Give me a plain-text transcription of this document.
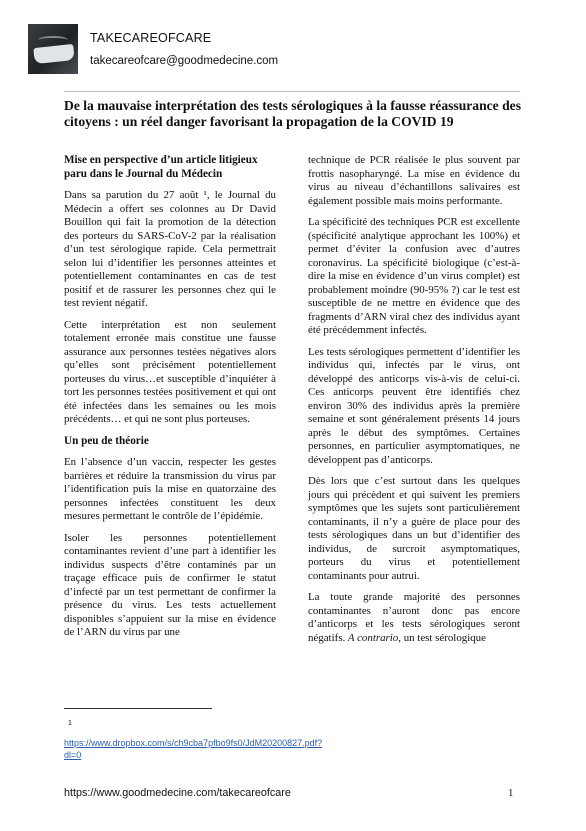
TAKECAREOFCARE
takecareofcare@goodmedecine.com
De la mauvaise interprétation des tests sérologiques à la fausse réassurance des citoyens : un réel danger favorisant la propagation de la COVID 19
Mise en perspective d’un article litigieux paru dans le Journal du Médecin

Dans sa parution du 27 août ¹, le Journal du Médecin a offert ses colonnes au Dr David Bouillon qui fait la promotion de la détection des porteurs du SARS-CoV-2 par la réalisation d’un test sérologique rapide. Cela permettrait selon lui d’identifier les personnes atteintes et potentiellement contaminantes en cas de test positif et de rassurer les personnes chez qui le test revient négatif.

Cette interprétation est non seulement totalement erronée mais constitue une fausse assurance aux personnes testées négatives alors qu’elles sont précisément potentiellement porteuses du virus…et susceptible d’inquiéter à tort les personnes testées positivement et qui ont été infectées dans les semaines ou les mois précédents… et qui ne sont plus porteuses.

Un peu de théorie

En l’absence d’un vaccin, respecter les gestes barrières et réduire la transmission du virus par l’identification puis la mise en quatorzaine des personnes infectées constituent les deux mesures permettant le contrôle de l’épidémie.

Isoler les personnes potentiellement contaminantes revient d’une part à identifier les individus suspects d’être contaminés par un traçage efficace puis de confirmer le statut d’infecté par un test permettant de confirmer la présence du virus. Les tests actuellement disponibles s’appuient sur la mise en évidence de l’ARN du virus par une

technique de PCR réalisée le plus souvent par frottis nasopharyngé. La mise en évidence du virus au niveau d’échantillons salivaires est également possible mais moins performante.

La spécificité des techniques PCR est excellente (spécificité analytique approchant les 100%) et permet d’éviter la confusion avec d’autres coronavirus. La spécificité biologique (c’est-à-dire la mise en évidence d’un virus complet) est probablement moindre (90-95% ?) car le test est susceptible de ne mettre en évidence que des fragments d’ARN viral chez des individus ayant été précédemment infectés.

Les tests sérologiques permettent d’identifier les individus qui, infectés par le virus, ont développé des anticorps vis-à-vis de celui-ci. Ces anticorps peuvent être identifiés chez environ 30% des individus après la première semaine et sont généralement présents 14 jours après le début des symptômes. Certaines personnes, en particulier asymptomatiques, ne développent pas d’anticorps.

Dès lors que c’est surtout dans les quelques jours qui précèdent et qui suivent les premiers symptômes que les sujets sont particulièrement contaminants, il n’y a guère de place pour des tests sérologiques dans un but d’identifier des individus, de surcroit asymptomatiques, porteurs du virus et potentiellement contaminants pour autrui.

La toute grande majorité des personnes contaminantes n’auront donc pas encore d’anticorps et les tests sérologiques seront négatifs. A contrario, un test sérologique

1
https://www.dropbox.com/s/ch9cba7pfbo9fs0/JdM20200827.pdf?dl=0
https://www.goodmedecine.com/takecareofcare	1
